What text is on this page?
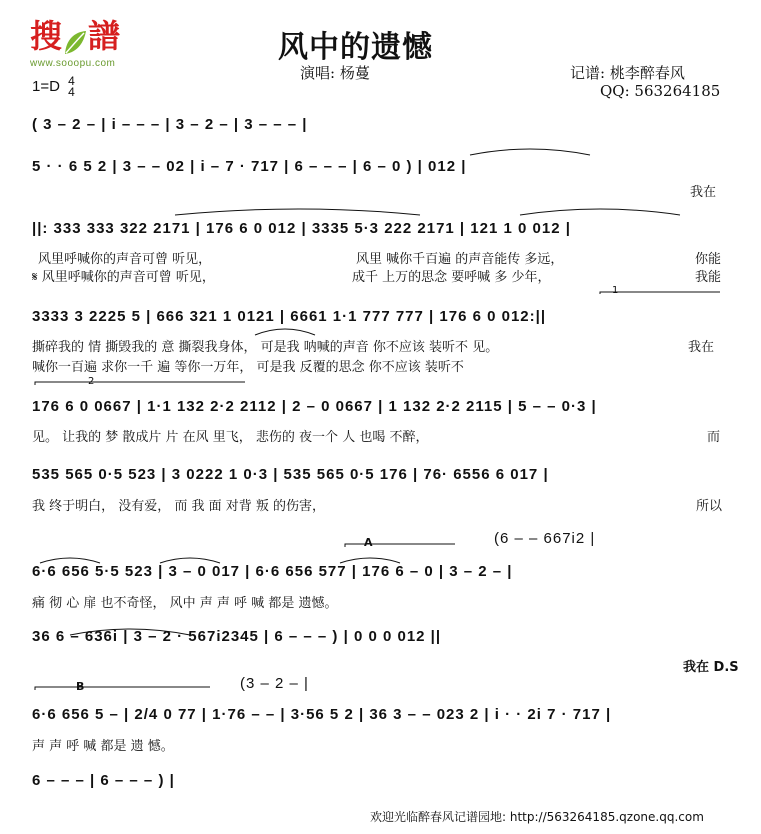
搜 譜
www.sooopu.com	风中的遗憾
演唱: 杨蔓	记谱: 桃李醉春风
QQ: 563264185
1=D 4
4
1
2
A
B
( 3 – 2 – | i – – – | 3 – 2 – | 3 – – – |
5 · · 6 5 2 | 3 – – 02 | i – 7 · 717 | 6 – – – | 6 – 0 ) | 012 |
我在
||: 333 333 322 2171 | 176 6 0 012 | 3335 5·3 222 2171 | 121 1 0 012 |
风里呼喊你的声音可曾 听见，	风里 喊你千百遍 的声音能传 多远，	你能
𝄋 风里呼喊你的声音可曾 听见，	成千 上万的思念 要呼喊 多 少年，	我能
3333 3 2225 5 | 666 321 1 0121 | 6661 1·1 777 777 | 176 6 0 012:||
撕碎我的 情 撕毁我的 意 撕裂我身体， 可是我 呐喊的声音 你不应该 装听不 见。	我在
喊你一百遍 求你一千 遍 等你一万年， 可是我 反覆的思念 你不应该 装听不
176 6 0 0667 | 1·1 132 2·2 2112 | 2 – 0 0667 | 1 132 2·2 2115 | 5 – – 0·3 |
见。 让我的 梦 散成片 片 在风 里飞， 悲伤的 夜一个 人 也喝 不醉，	而
535 565 0·5 523 | 3 0222 1 0·3 | 535 565 0·5 176 | 76· 6556 6 017 |
我 终于明白， 没有爱， 而 我 面 对背 叛 的伤害，	所以
(6 – – 667i2 |
6·6 656 5·5 523 | 3 – 0 017 | 6·6 656 577 | 176 6 – 0 | 3 – 2 – |
痛 彻 心 扉 也不奇怪， 风中 声 声 呼 喊 都是 遗憾。
36 6 – 636i | 3 – 2 · 567i2345 | 6 – – – ) | 0 0 0 012 ||
我在 D.S
(3 – 2 – |
6·6 656 5 – | 2/4 0 77 | 1·76 – – | 3·56 5 2 | 36 3 – – 023 2 | i · · 2i 7 · 717 |
声 声 呼 喊 都是 遗 憾。
6 – – – | 6 – – – ) |
欢迎光临醉春风记谱园地: http://563264185.qzone.qq.com
